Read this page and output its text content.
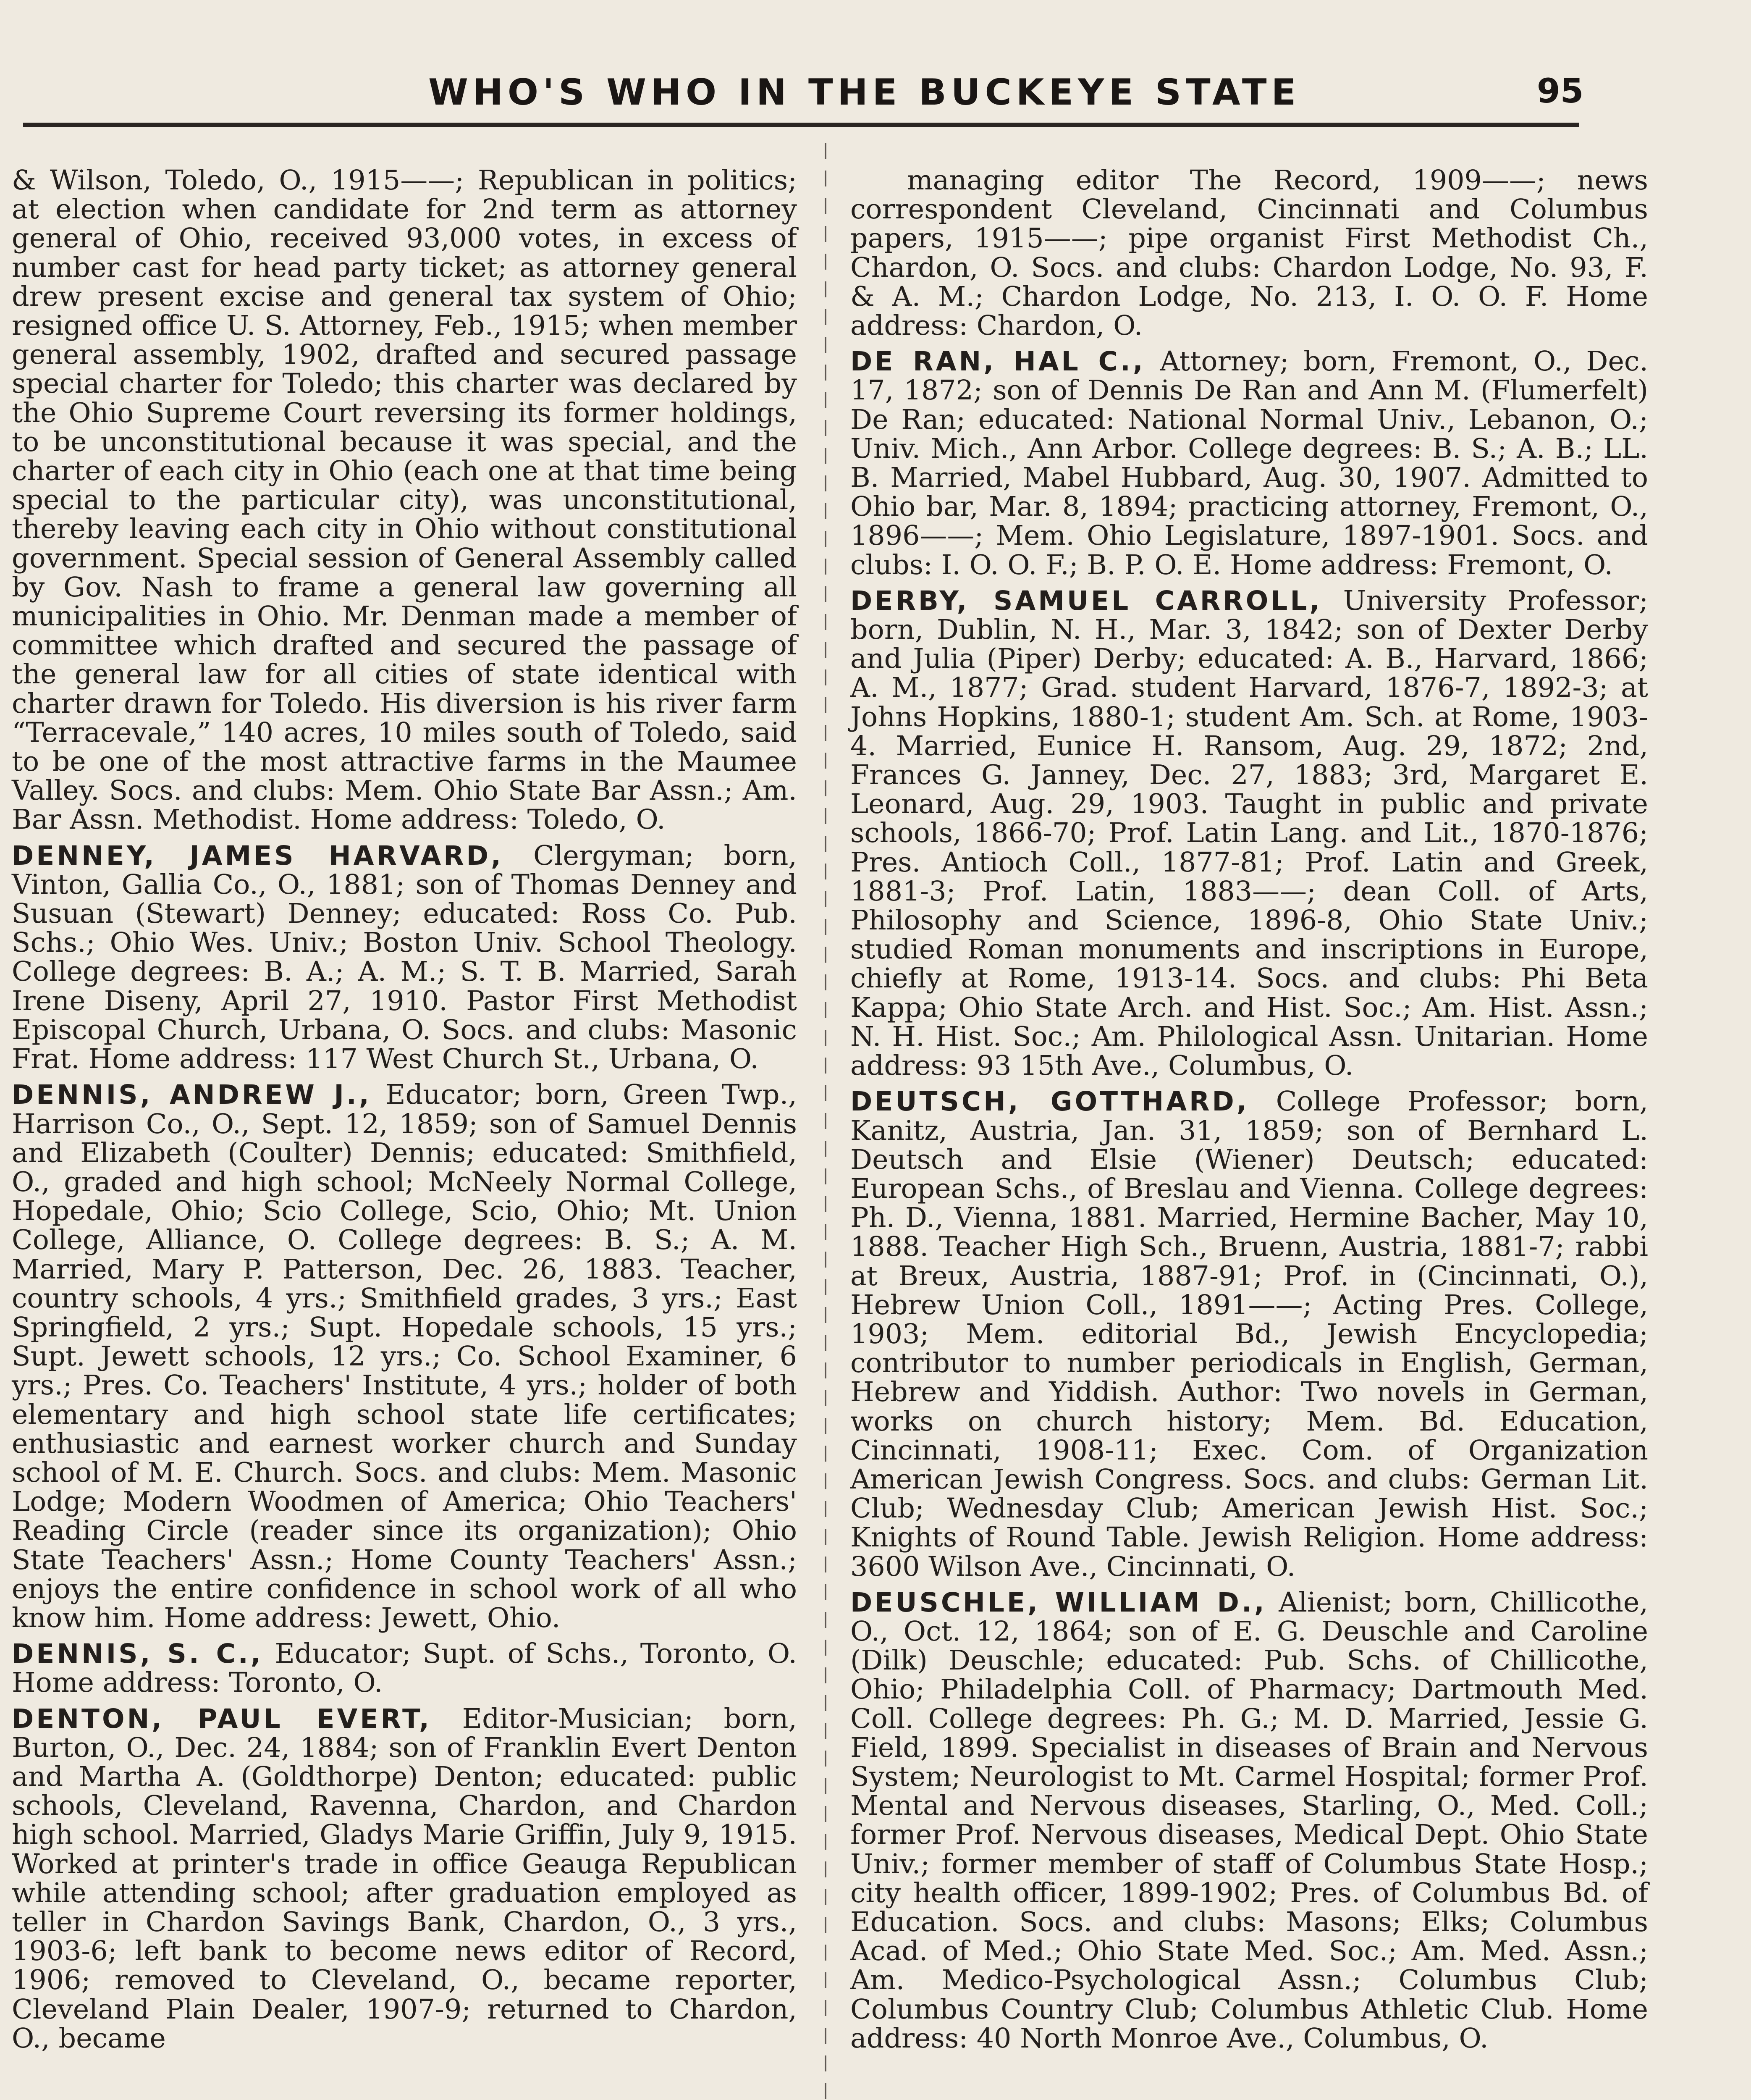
WHO'S WHO IN THE BUCKEYE STATE	95

& Wilson, Toledo, O., 1915——; Republican in politics; at election when candidate for 2nd term as attorney general of Ohio, received 93,000 votes, in excess of number cast for head party ticket; as attorney general drew present excise and general tax system of Ohio; resigned office U. S. Attorney, Feb., 1915; when member general assembly, 1902, drafted and secured passage special charter for Toledo; this charter was declared by the Ohio Supreme Court reversing its former holdings, to be unconstitutional because it was special, and the charter of each city in Ohio (each one at that time being special to the particular city), was unconstitutional, thereby leaving each city in Ohio without constitutional government. Special session of General Assembly called by Gov. Nash to frame a general law governing all municipalities in Ohio. Mr. Denman made a member of committee which drafted and secured the passage of the general law for all cities of state identical with charter drawn for Toledo. His diversion is his river farm “Terracevale,” 140 acres, 10 miles south of Toledo, said to be one of the most attractive farms in the Maumee Valley. Socs. and clubs: Mem. Ohio State Bar Assn.; Am. Bar Assn. Methodist. Home address: Toledo, O.

DENNEY, JAMES HARVARD, Clergyman; born, Vinton, Gallia Co., O., 1881; son of Thomas Denney and Susuan (Stewart) Denney; educated: Ross Co. Pub. Schs.; Ohio Wes. Univ.; Boston Univ. School Theology. College degrees: B. A.; A. M.; S. T. B. Married, Sarah Irene Diseny, April 27, 1910. Pastor First Methodist Episcopal Church, Urbana, O. Socs. and clubs: Masonic Frat. Home address: 117 West Church St., Urbana, O.

DENNIS, ANDREW J., Educator; born, Green Twp., Harrison Co., O., Sept. 12, 1859; son of Samuel Dennis and Elizabeth (Coulter) Dennis; educated: Smithfield, O., graded and high school; McNeely Normal College, Hopedale, Ohio; Scio College, Scio, Ohio; Mt. Union College, Alliance, O. College degrees: B. S.; A. M. Married, Mary P. Patterson, Dec. 26, 1883. Teacher, country schools, 4 yrs.; Smithfield grades, 3 yrs.; East Springfield, 2 yrs.; Supt. Hopedale schools, 15 yrs.; Supt. Jewett schools, 12 yrs.; Co. School Examiner, 6 yrs.; Pres. Co. Teachers' Institute, 4 yrs.; holder of both elementary and high school state life certificates; enthusiastic and earnest worker church and Sunday school of M. E. Church. Socs. and clubs: Mem. Masonic Lodge; Modern Woodmen of America; Ohio Teachers' Reading Circle (reader since its organization); Ohio State Teachers' Assn.; Home County Teachers' Assn.; enjoys the entire confidence in school work of all who know him. Home address: Jewett, Ohio.

DENNIS, S. C., Educator; Supt. of Schs., Toronto, O. Home address: Toronto, O.

DENTON, PAUL EVERT, Editor-Musician; born, Burton, O., Dec. 24, 1884; son of Franklin Evert Denton and Martha A. (Goldthorpe) Denton; educated: public schools, Cleveland, Ravenna, Chardon, and Chardon high school. Married, Gladys Marie Griffin, July 9, 1915. Worked at printer's trade in office Geauga Republican while attending school; after graduation employed as teller in Chardon Savings Bank, Chardon, O., 3 yrs., 1903-6; left bank to become news editor of Record, 1906; removed to Cleveland, O., became reporter, Cleveland Plain Dealer, 1907-9; returned to Chardon, O., became

managing editor The Record, 1909——; news correspondent Cleveland, Cincinnati and Columbus papers, 1915——; pipe organist First Methodist Ch., Chardon, O. Socs. and clubs: Chardon Lodge, No. 93, F. & A. M.; Chardon Lodge, No. 213, I. O. O. F. Home address: Chardon, O.

DE RAN, HAL C., Attorney; born, Fremont, O., Dec. 17, 1872; son of Dennis De Ran and Ann M. (Flumerfelt) De Ran; educated: National Normal Univ., Lebanon, O.; Univ. Mich., Ann Arbor. College degrees: B. S.; A. B.; LL. B. Married, Mabel Hubbard, Aug. 30, 1907. Admitted to Ohio bar, Mar. 8, 1894; practicing attorney, Fremont, O., 1896——; Mem. Ohio Legislature, 1897-1901. Socs. and clubs: I. O. O. F.; B. P. O. E. Home address: Fremont, O.

DERBY, SAMUEL CARROLL, University Professor; born, Dublin, N. H., Mar. 3, 1842; son of Dexter Derby and Julia (Piper) Derby; educated: A. B., Harvard, 1866; A. M., 1877; Grad. student Harvard, 1876-7, 1892-3; at Johns Hopkins, 1880-1; student Am. Sch. at Rome, 1903-4. Married, Eunice H. Ransom, Aug. 29, 1872; 2nd, Frances G. Janney, Dec. 27, 1883; 3rd, Margaret E. Leonard, Aug. 29, 1903. Taught in public and private schools, 1866-70; Prof. Latin Lang. and Lit., 1870-1876; Pres. Antioch Coll., 1877-81; Prof. Latin and Greek, 1881-3; Prof. Latin, 1883——; dean Coll. of Arts, Philosophy and Science, 1896-8, Ohio State Univ.; studied Roman monuments and inscriptions in Europe, chiefly at Rome, 1913-14. Socs. and clubs: Phi Beta Kappa; Ohio State Arch. and Hist. Soc.; Am. Hist. Assn.; N. H. Hist. Soc.; Am. Philological Assn. Unitarian. Home address: 93 15th Ave., Columbus, O.

DEUTSCH, GOTTHARD, College Professor; born, Kanitz, Austria, Jan. 31, 1859; son of Bernhard L. Deutsch and Elsie (Wiener) Deutsch; educated: European Schs., of Breslau and Vienna. College degrees: Ph. D., Vienna, 1881. Married, Hermine Bacher, May 10, 1888. Teacher High Sch., Bruenn, Austria, 1881-7; rabbi at Breux, Austria, 1887-91; Prof. in (Cincinnati, O.), Hebrew Union Coll., 1891——; Acting Pres. College, 1903; Mem. editorial Bd., Jewish Encyclopedia; contributor to number periodicals in English, German, Hebrew and Yiddish. Author: Two novels in German, works on church history; Mem. Bd. Education, Cincinnati, 1908-11; Exec. Com. of Organization American Jewish Congress. Socs. and clubs: German Lit. Club; Wednesday Club; American Jewish Hist. Soc.; Knights of Round Table. Jewish Religion. Home address: 3600 Wilson Ave., Cincinnati, O.

DEUSCHLE, WILLIAM D., Alienist; born, Chillicothe, O., Oct. 12, 1864; son of E. G. Deuschle and Caroline (Dilk) Deuschle; educated: Pub. Schs. of Chillicothe, Ohio; Philadelphia Coll. of Pharmacy; Dartmouth Med. Coll. College degrees: Ph. G.; M. D. Married, Jessie G. Field, 1899. Specialist in diseases of Brain and Nervous System; Neurologist to Mt. Carmel Hospital; former Prof. Mental and Nervous diseases, Starling, O., Med. Coll.; former Prof. Nervous diseases, Medical Dept. Ohio State Univ.; former member of staff of Columbus State Hosp.; city health officer, 1899-1902; Pres. of Columbus Bd. of Education. Socs. and clubs: Masons; Elks; Columbus Acad. of Med.; Ohio State Med. Soc.; Am. Med. Assn.; Am. Medico-Psychological Assn.; Columbus Club; Columbus Country Club; Columbus Athletic Club. Home address: 40 North Monroe Ave., Columbus, O.
